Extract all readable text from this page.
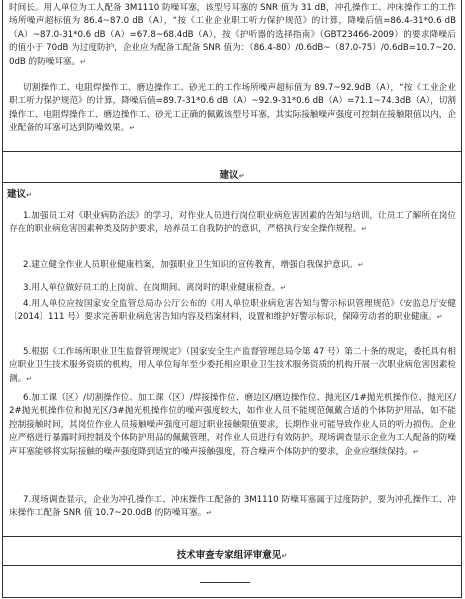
时间长。用人单位为工人配备 3M1110 防噪耳塞，该型号耳塞的 SNR 值为 31 dB，冲孔操作工、冲床操作工的工作场所噪声超标值为 86.4~87.0 dB（A），“按《工业企业职工听力保护规范》的计算，降噪后值=86.4-31*0.6 dB（A）~87.0-31*0.6 dB（A）=67.8~68.4dB（A），按《护听器的选择指南》（GBT23466-2009）的要求降噪后的值小于 70dB 为过度防护，企业应为配备工配备 SNR 值为：（86.4-80）/0.6dB~（87.0-75）/0.6dB=10.7~20.0dB 的防噪耳塞。↵

切割操作工、电阻焊操作工、磨边操作工、砂光工的工作场所噪声超标值为 89.7~92.9dB（A），“按《工业企业职工听力保护规范》的计算，降噪后值=89.7-31*0.6 dB（A）~92.9-31*0.6 dB（A）=71.1~74.3dB（A），切割操作工、电阻焊操作工、磨边操作工、砂光工正确的佩戴该型号耳塞，其实际接触噪声强度可控制在接触限值以内，企业配备的耳塞可达到防噪效果。↵

建议↵
建议↵

1.加强员工对《职业病防治法》的学习，对作业人员进行岗位职业病危害因素的告知与培训，让员工了解所在岗位存在的职业病危害因素种类及防护要求，培养员工自我防护的意识，严格执行安全操作规程。↵

2.建立健全作业人员职业健康档案，加强职业卫生知识的宣传教育，增强自我保护意识。↵

3.用人单位做好员工的上岗前、在岗期间、离岗时的职业健康检查。↵

4.用人单位应按国家安全监管总局办公厅公布的《用人单位职业病危害告知与警示标识管理规范》（安监总厅安健〔2014〕111 号）要求完善职业病危害告知内容及档案材料，设置和维护好警示标识，保障劳动者的职业健康。↵

5.根据《工作场所职业卫生监督管理规定》（国家安全生产监督管理总局令第 47 号）第二十条的规定，委托具有相应职业卫生技术服务资质的机构，用人单位每年至少委托相应职业卫生技术服务资质的机构开展一次职业病危害因素检测。↵

6.加工课（区）/切割操作位、加工课（区）/焊接操作位、磨边区/磨边操作位、抛光区/1#抛光机操作位、抛光区/2#抛光机操作位和抛光区/3#抛光机操作位的噪声强度较大，如作业人员不能规范佩戴合适的个体防护用品，如不能控制接触时间，其岗位作业人员接触噪声强度可超过职业接触限值要求，长期作业可能导致作业人员的听力损伤。企业应严格进行暴露时间控制及个体防护用品的佩戴管理，对作业人员进行有效防护。现场调查显示企业为工人配备的防噪声耳塞能够将实际接触的噪声强度降到适宜的噪声接触强度，符合噪声个体防护的要求，企业应继续保持。↵

7.现场调查显示，企业为冲孔操作工、冲床操作工配备的 3M1110 防噪耳塞属于过度防护，要为冲孔操作工、冲床操作工配备 SNR 值 10.7~20.0dB 的防噪耳塞。↵

技术审查专家组评审意见↵
